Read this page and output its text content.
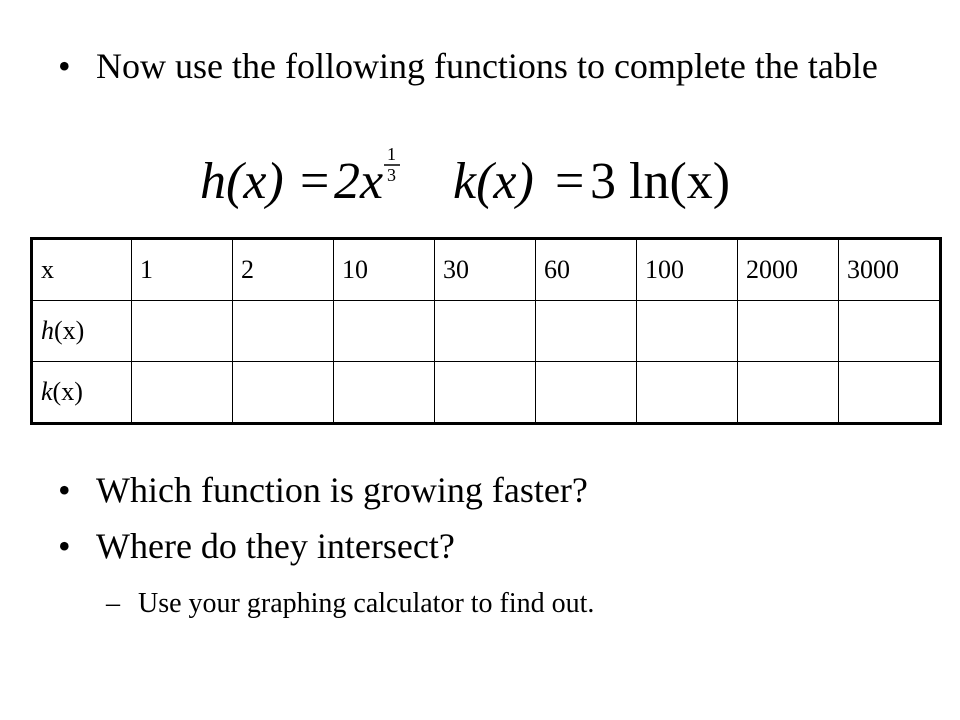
• Now use the following functions to complete the table
h(x) = 2x 1
3 k(x) = 3 ln(x)
x	1	2	10	30	60	100	2000	3000
h(x)								
k(x)								
• Which function is growing faster?
• Where do they intersect?
– Use your graphing calculator to find out.
